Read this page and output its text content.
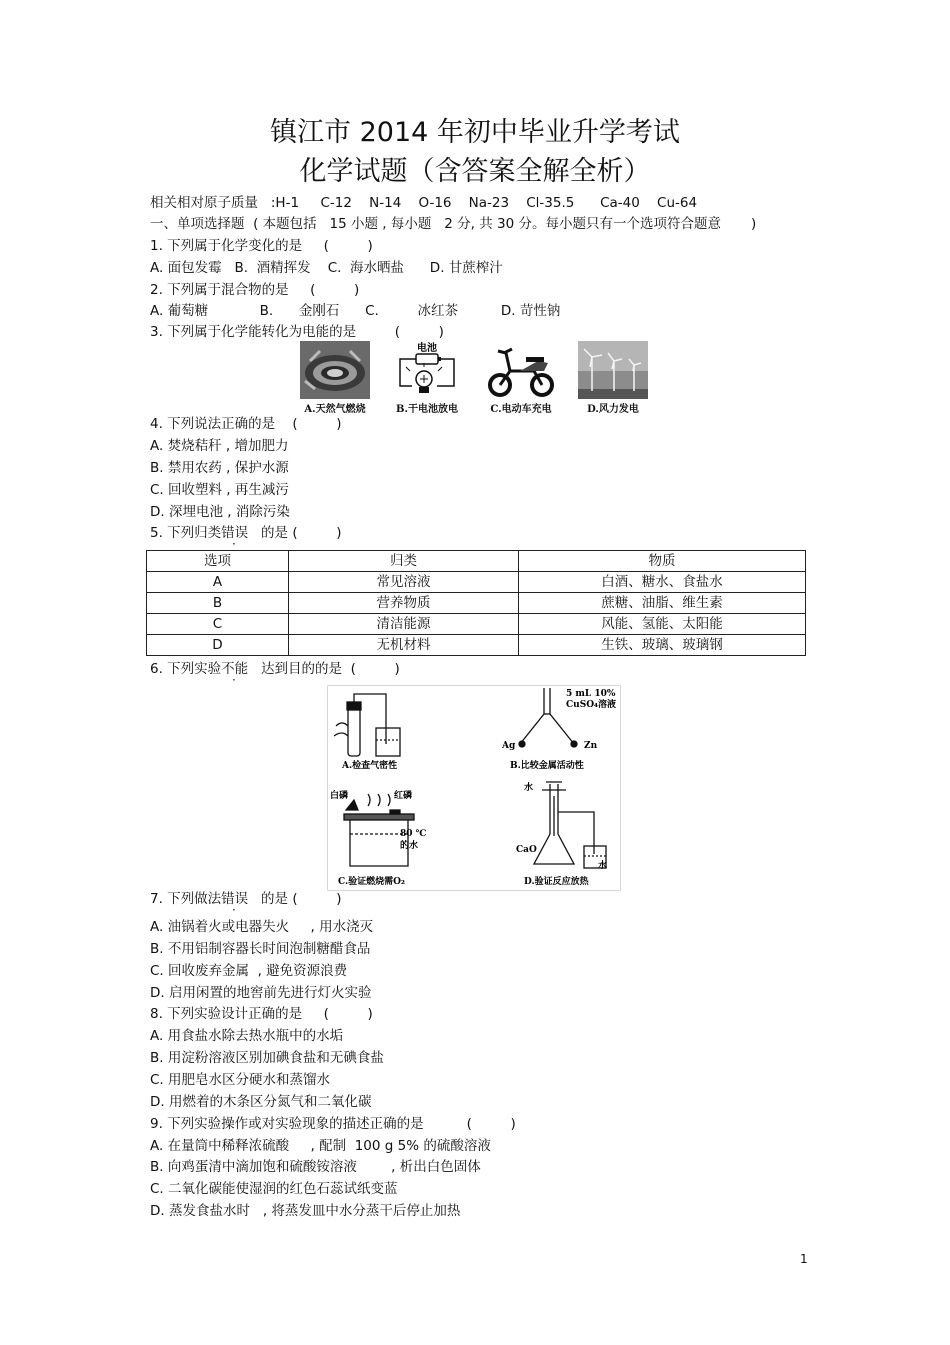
镇江市 2014 年初中毕业升学考试
化学试题（含答案全解全析）
相关相对原子质量   :H-1     C-12    N-14    O-16    Na-23    Cl-35.5      Ca-40    Cu-64
一、单项选择题  ( 本题包括   15 小题 , 每小题   2 分, 共 30 分。每小题只有一个选项符合题意       )
1. 下列属于化学变化的是     (         )
A. 面包发霉   B.  酒精挥发    C.  海水晒盐      D. 甘蔗榨汁
2. 下列属于混合物的是     (         )
A. 葡萄糖            B.      金刚石      C.         冰红茶          D. 苛性钠
3. 下列属于化学能转化为电能的是         (         )
A.天然气燃烧
电池
B.干电池放电	C.电动车充电	D.风力发电
4. 下列说法正确的是    (         )
A. 焚烧秸秆 , 增加肥力
B. 禁用农药 , 保护水源
C. 回收塑料 , 再生减污
D. 深埋电池 , 消除污染
5. 下列归类错误   的是 (         )
选项	归类	物质
A	常见溶液	白酒、糖水、食盐水
B	营养物质	蔗糖、油脂、维生素
C	清洁能源	风能、氢能、太阳能
D	无机材料	生铁、玻璃、玻璃钢
6. 下列实验不能   达到目的的是  (         )
A.检查气密性
5 mL 10%
CuSO₄溶液
Ag	Zn
B.比较金属活动性
白磷	红磷
80 ℃
的水
C.验证燃烧需O₂
水
CaO
水
D.验证反应放热
7. 下列做法错误   的是 (         )
A. 油锅着火或电器失火     , 用水浇灭
B. 不用铝制容器长时间泡制糖醋食品
C. 回收废弃金属  , 避免资源浪费
D. 启用闲置的地窖前先进行灯火实验
8. 下列实验设计正确的是     (         )
A. 用食盐水除去热水瓶中的水垢
B. 用淀粉溶液区别加碘食盐和无碘食盐
C. 用肥皂水区分硬水和蒸馏水
D. 用燃着的木条区分氮气和二氧化碳
9. 下列实验操作或对实验现象的描述正确的是          (         )
A. 在量筒中稀释浓硫酸     , 配制  100 g 5% 的硫酸溶液
B. 向鸡蛋清中滴加饱和硫酸铵溶液        , 析出白色固体
C. 二氧化碳能使湿润的红色石蕊试纸变蓝
D. 蒸发食盐水时   , 将蒸发皿中水分蒸干后停止加热
1
